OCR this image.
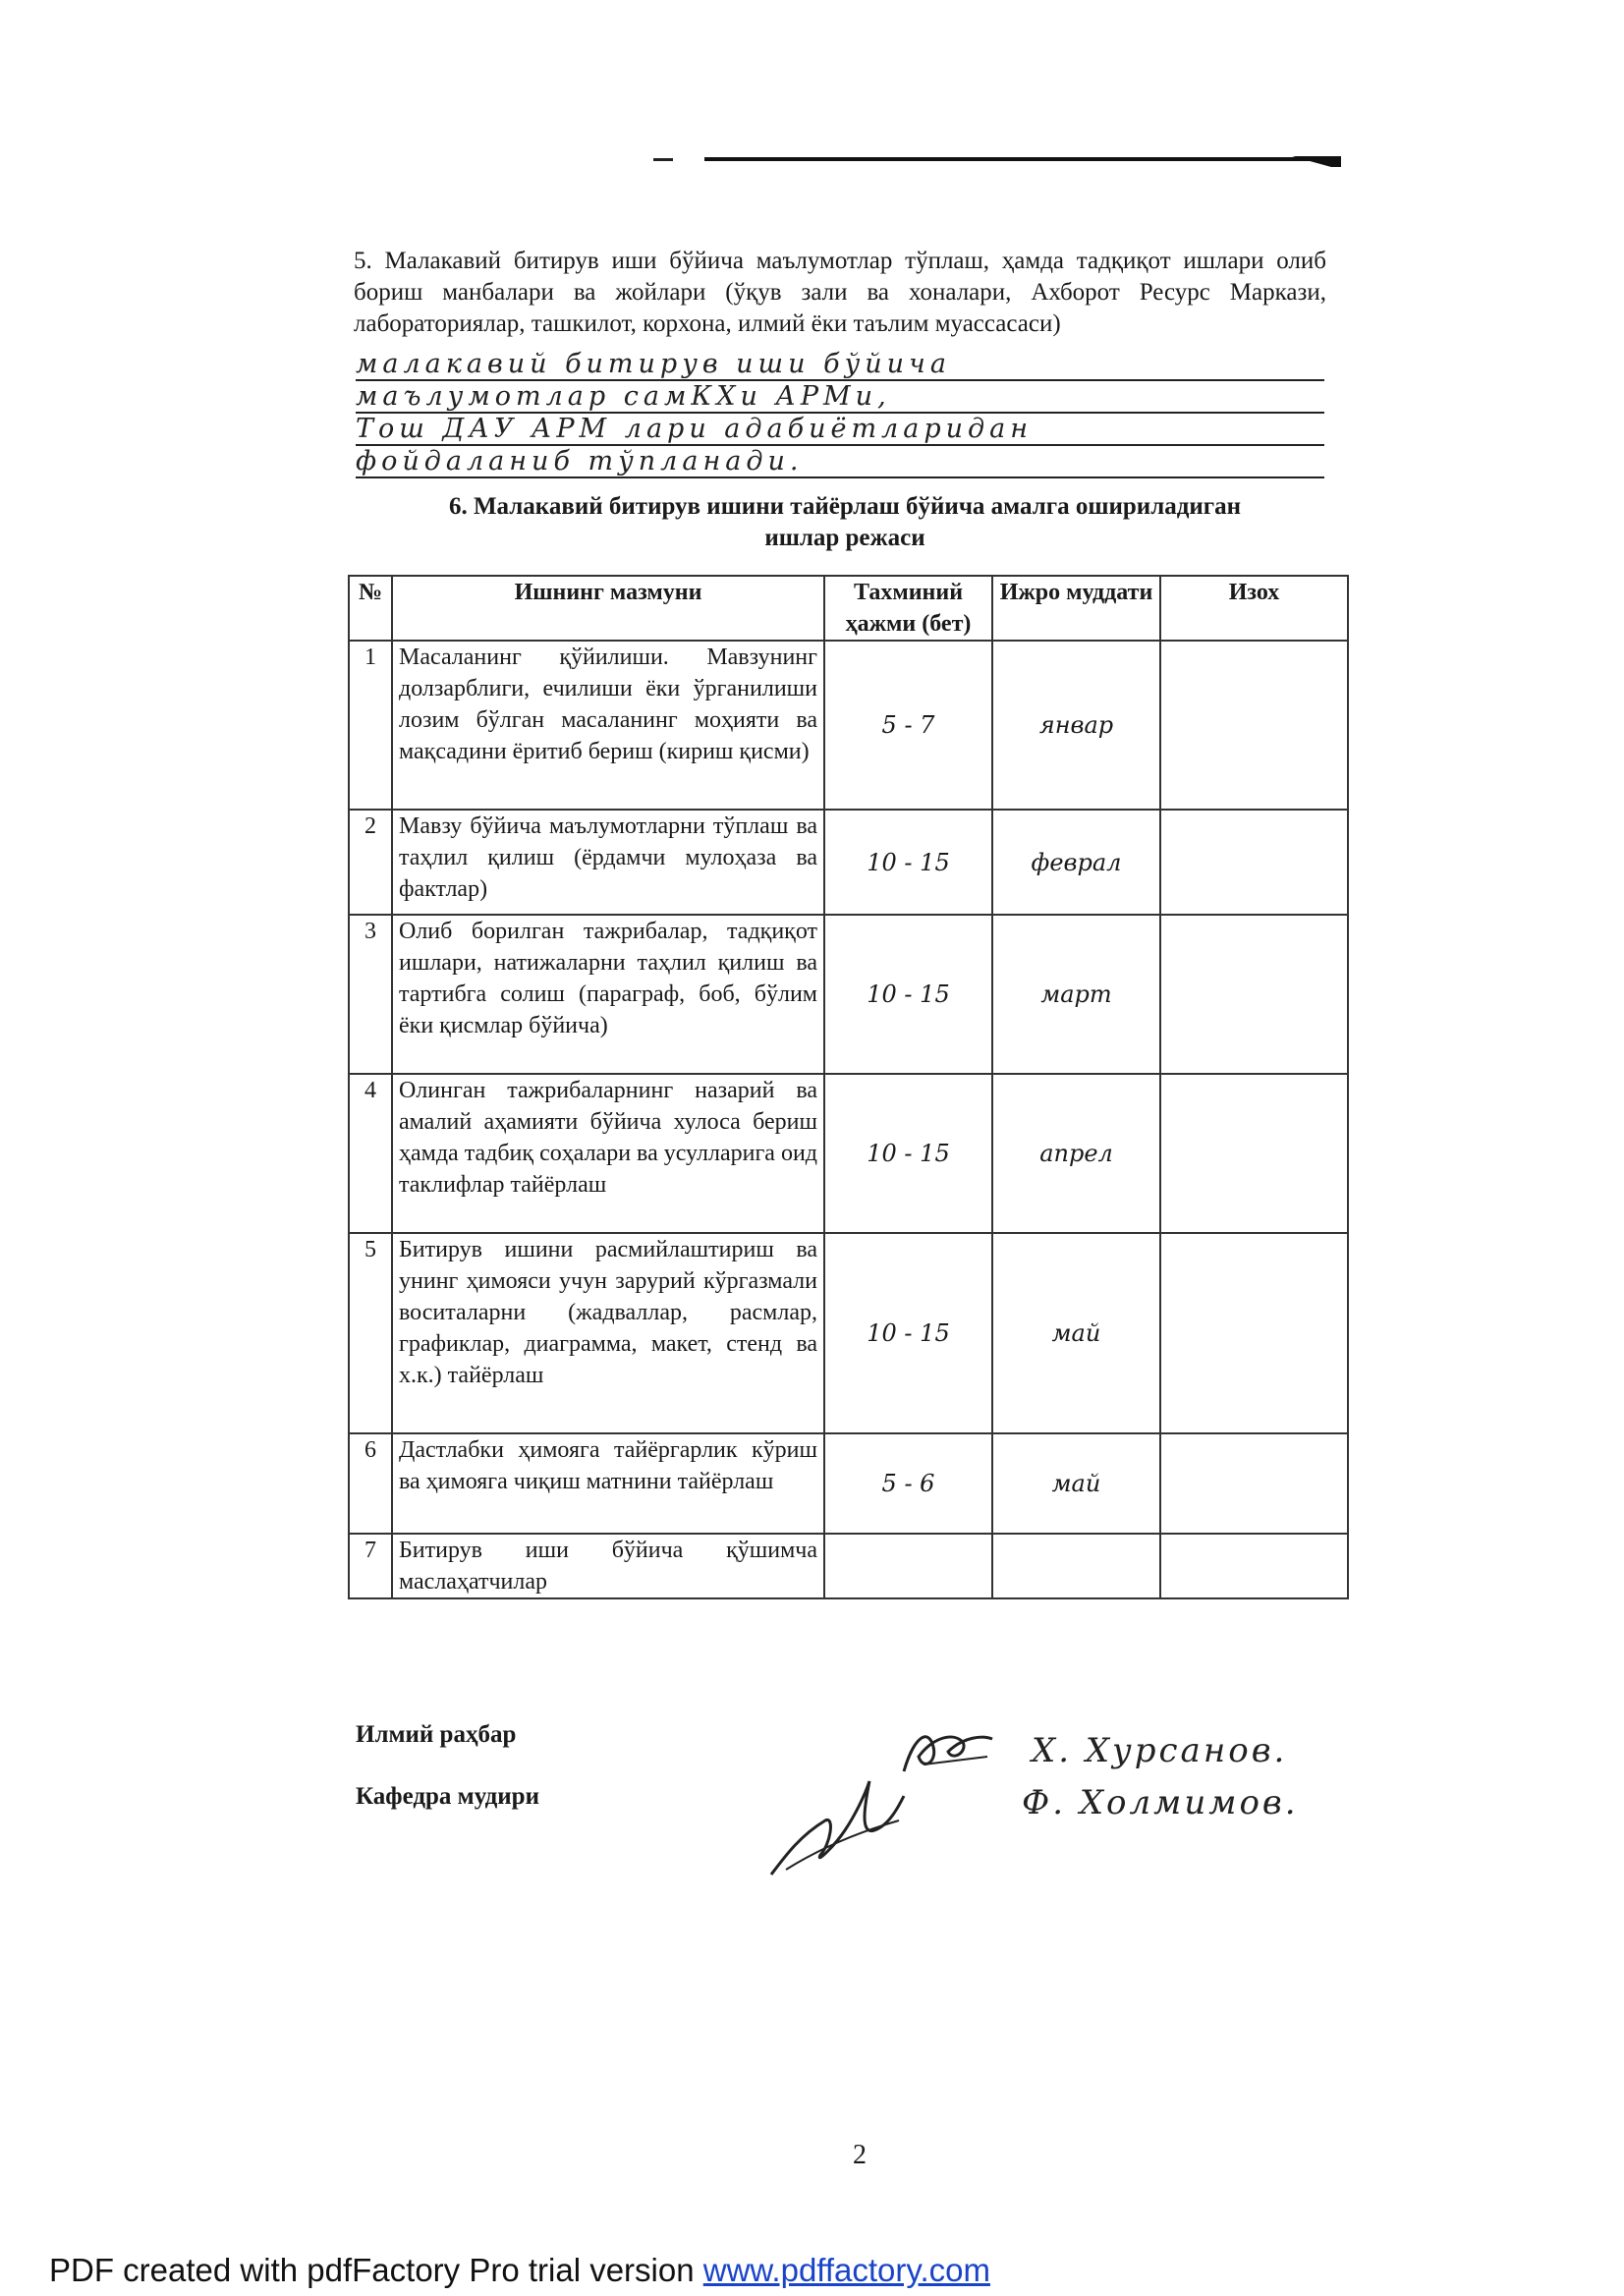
5. Малакавий битирув иши бўйича маълумотлар тўплаш, ҳамда тадқиқот ишлари олиб бориш манбалари ва жойлари (ўқув зали ва хоналари, Ахборот Ресурс Маркази, лабораториялар, ташкилот, корхона, илмий ёки таълим муассасаси)
малакавий битирув иши бўйича
маълумотлар самКХи АРМи,
Тош ДАУ АРМ лари адабиётларидан
фойдаланиб тўпланади.
6. Малакавий битирув ишини тайёрлаш бўйича амалга ошириладиган
ишлар режаси
№	Ишнинг мазмуни	Тахминий ҳажми (бет)	Ижро муддати	Изох
1	Масаланинг қўйилиши. Мавзунинг долзарблиги, ечилиши ёки ўрганилиши лозим бўлган масаланинг моҳияти ва мақсадини ёритиб бериш (кириш қисми)	5 - 7	январ	
2	Мавзу бўйича маълумотларни тўплаш ва таҳлил қилиш (ёрдамчи мулоҳаза ва фактлар)	10 - 15	феврал	
3	Олиб борилган тажрибалар, тадқиқот ишлари, натижаларни таҳлил қилиш ва тартибга солиш (параграф, боб, бўлим ёки қисмлар бўйича)	10 - 15	март	
4	Олинган тажрибаларнинг назарий ва амалий аҳамияти бўйича хулоса бериш ҳамда тадбиқ соҳалари ва усулларига оид таклифлар тайёрлаш	10 - 15	апрел	
5	Битирув ишини расмийлаштириш ва унинг ҳимояси учун зарурий кўргазмали воситаларни (жадваллар, расмлар, графиклар, диаграмма, макет, стенд ва х.к.) тайёрлаш	10 - 15	май	
6	Дастлабки ҳимояга тайёргарлик кўриш ва ҳимояга чиқиш матнини тайёрлаш	5 - 6	май	
7	Битирув иши бўйича қўшимча маслаҳатчилар			
Илмий раҳбар
Кафедра мудири
Х. Хурсанов.
Ф. Холмимов.
2
PDF created with pdfFactory Pro trial version www.pdffactory.com
